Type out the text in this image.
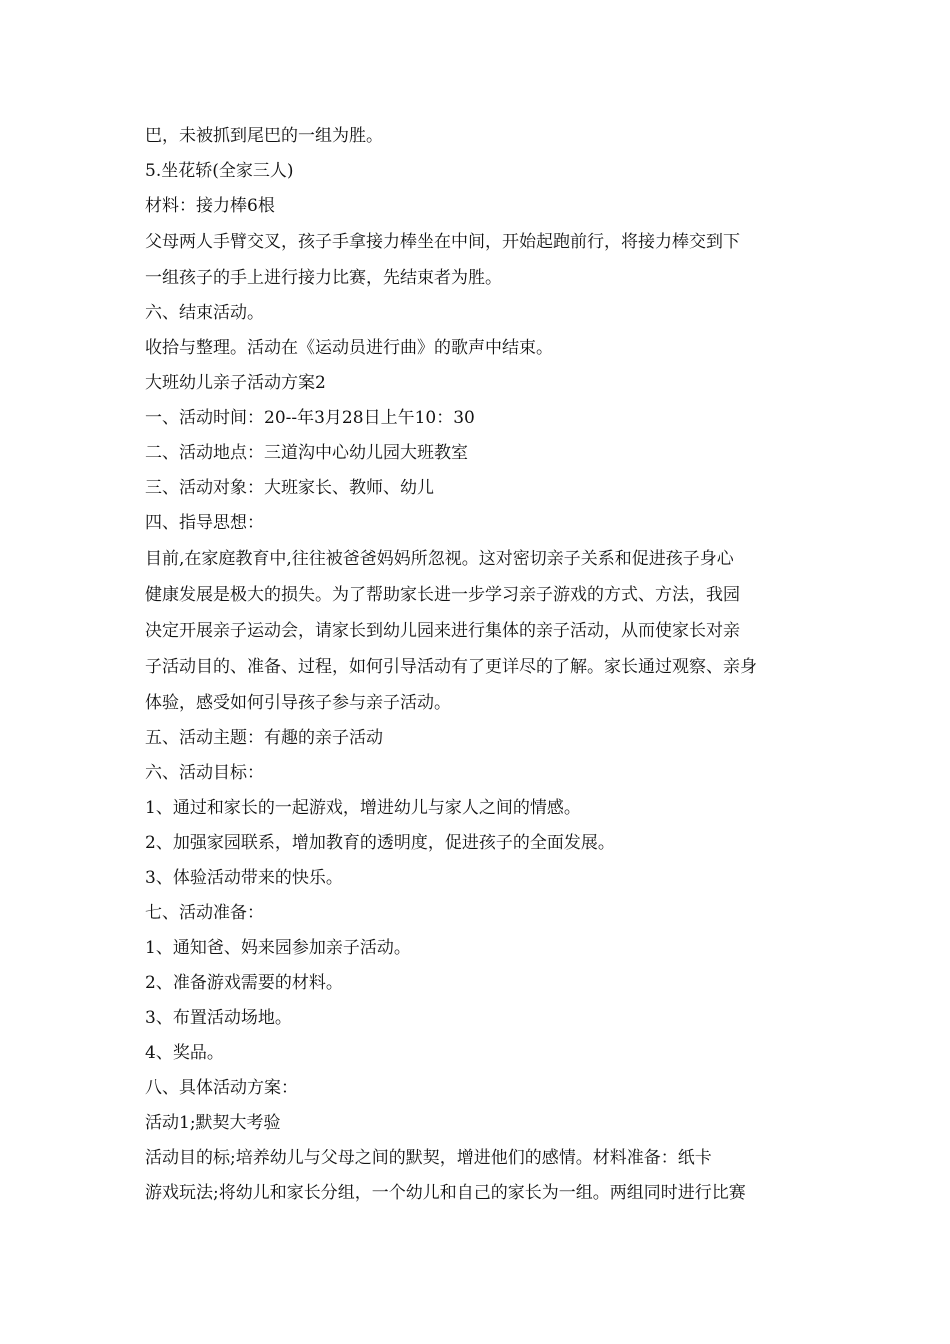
巴，未被抓到尾巴的一组为胜。

5.坐花轿(全家三人)

材料：接力棒6根

父母两人手臂交叉，孩子手拿接力棒坐在中间，开始起跑前行，将接力棒交到下

一组孩子的手上进行接力比赛，先结束者为胜。

六、结束活动。

收拾与整理。活动在《运动员进行曲》的歌声中结束。

大班幼儿亲子活动方案2

一、活动时间：20--年3月28日上午10：30

二、活动地点：三道沟中心幼儿园大班教室

三、活动对象：大班家长、教师、幼儿

四、指导思想：

目前,在家庭教育中,往往被爸爸妈妈所忽视。这对密切亲子关系和促进孩子身心

健康发展是极大的损失。为了帮助家长进一步学习亲子游戏的方式、方法，我园

决定开展亲子运动会，请家长到幼儿园来进行集体的亲子活动，从而使家长对亲

子活动目的、准备、过程，如何引导活动有了更详尽的了解。家长通过观察、亲身

体验，感受如何引导孩子参与亲子活动。

五、活动主题：有趣的亲子活动

六、活动目标：

1、通过和家长的一起游戏，增进幼儿与家人之间的情感。

2、加强家园联系，增加教育的透明度，促进孩子的全面发展。

3、体验活动带来的快乐。

七、活动准备：

1、通知爸、妈来园参加亲子活动。

2、准备游戏需要的材料。

3、布置活动场地。

4、奖品。

八、具体活动方案：

活动1;默契大考验

活动目的标;培养幼儿与父母之间的默契，增进他们的感情。材料准备：纸卡

游戏玩法;将幼儿和家长分组，一个幼儿和自己的家长为一组。两组同时进行比赛
